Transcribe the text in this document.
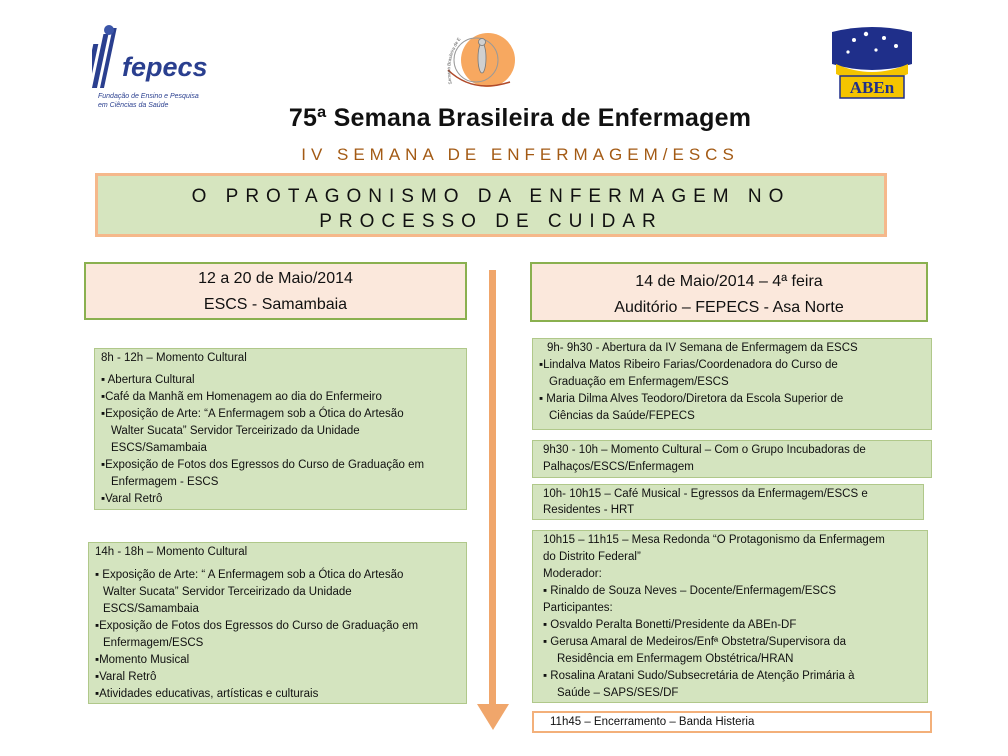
fepecs
Fundação de Ensino e Pesquisa
em Ciências da Saúde
ABEn
75ª Semana Brasileira de Enfermagem
IV SEMANA DE ENFERMAGEM/ESCS
O PROTAGONISMO DA ENFERMAGEM NO
PROCESSO DE CUIDAR
12 a 20 de Maio/2014
ESCS - Samambaia
8h - 12h – Momento Cultural
▪ Abertura Cultural
▪Café da Manhã em Homenagem ao dia do Enfermeiro
▪Exposição de Arte: “A Enfermagem sob a Ótica do Artesão
Walter Sucata” Servidor Terceirizado da Unidade
ESCS/Samambaia
▪Exposição de Fotos dos Egressos do Curso de Graduação em
Enfermagem - ESCS
▪Varal Retrô
14h - 18h – Momento Cultural
▪ Exposição de Arte: “ A Enfermagem sob a Ótica do Artesão
Walter Sucata” Servidor Terceirizado da Unidade
ESCS/Samambaia
▪Exposição de Fotos dos Egressos do Curso de Graduação em
Enfermagem/ESCS
▪Momento Musical
▪Varal Retrô
▪Atividades educativas, artísticas e culturais
14 de Maio/2014 – 4ª feira
Auditório – FEPECS - Asa Norte
9h- 9h30 - Abertura da IV Semana de Enfermagem da ESCS
▪Lindalva Matos Ribeiro Farias/Coordenadora do Curso de
Graduação em Enfermagem/ESCS
▪ Maria Dilma Alves Teodoro/Diretora da Escola Superior de
Ciências da Saúde/FEPECS
9h30 - 10h – Momento Cultural – Com o Grupo Incubadoras de
Palhaços/ESCS/Enfermagem
10h- 10h15 – Café Musical - Egressos da Enfermagem/ESCS e
Residentes - HRT
10h15 – 11h15 – Mesa Redonda “O Protagonismo da Enfermagem
do Distrito Federal”
Moderador:
▪ Rinaldo de Souza Neves – Docente/Enfermagem/ESCS
Participantes:
▪ Osvaldo Peralta Bonetti/Presidente da ABEn-DF
▪ Gerusa Amaral de Medeiros/Enfª Obstetra/Supervisora da
Residência em Enfermagem Obstétrica/HRAN
▪ Rosalina Aratani Sudo/Subsecretária de Atenção Primária à
Saúde – SAPS/SES/DF
11h45 – Encerramento – Banda Histeria
Semana Brasileira de E
